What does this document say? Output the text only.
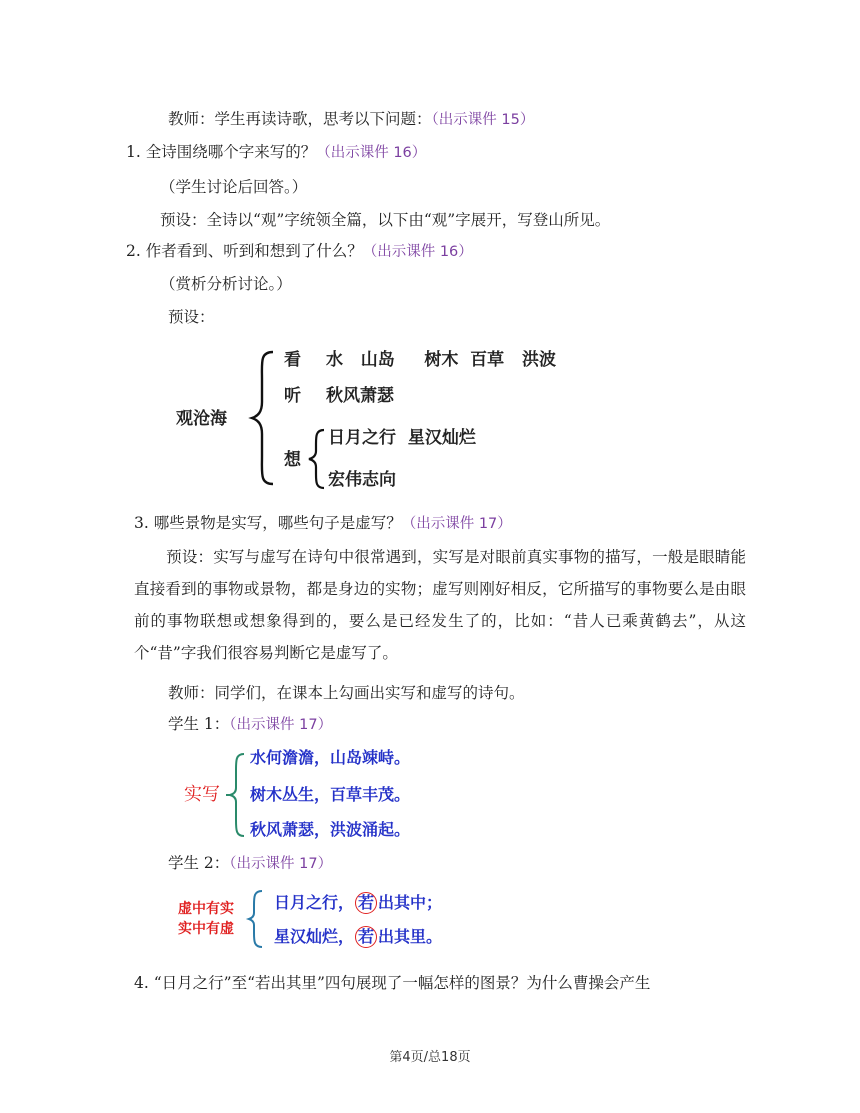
教师：学生再读诗歌，思考以下问题：（出示课件 15）
1. 全诗围绕哪个字来写的？（出示课件 16）
（学生讨论后回答。）
预设：全诗以“观”字统领全篇，以下由“观”字展开，写登山所见。
2. 作者看到、听到和想到了什么？（出示课件 16）
（赏析分析讨论。）
预设：
观沧海
看 水   山岛     树木  百草   洪波
听 秋风萧瑟
想
日月之行  星汉灿烂
宏伟志向
3. 哪些景物是实写，哪些句子是虚写？（出示课件 17）
预设：实写与虚写在诗句中很常遇到，实写是对眼前真实事物的描写，一般是眼睛能直接看到的事物或景物，都是身边的实物；虚写则刚好相反，它所描写的事物要么是由眼前的事物联想或想象得到的，要么是已经发生了的，比如：“昔人已乘黄鹤去”，从这个“昔”字我们很容易判断它是虚写了。
教师：同学们，在课本上勾画出实写和虚写的诗句。
学生 1：（出示课件 17）
实写
水何澹澹，山岛竦峙。
树木丛生，百草丰茂。
秋风萧瑟，洪波涌起。
学生 2：（出示课件 17）
虚中有实
实中有虚
日月之行， 若 出其中；
星汉灿烂， 若 出其里。
4. “日月之行”至“若出其里”四句展现了一幅怎样的图景？为什么曹操会产生
第4页/总18页
